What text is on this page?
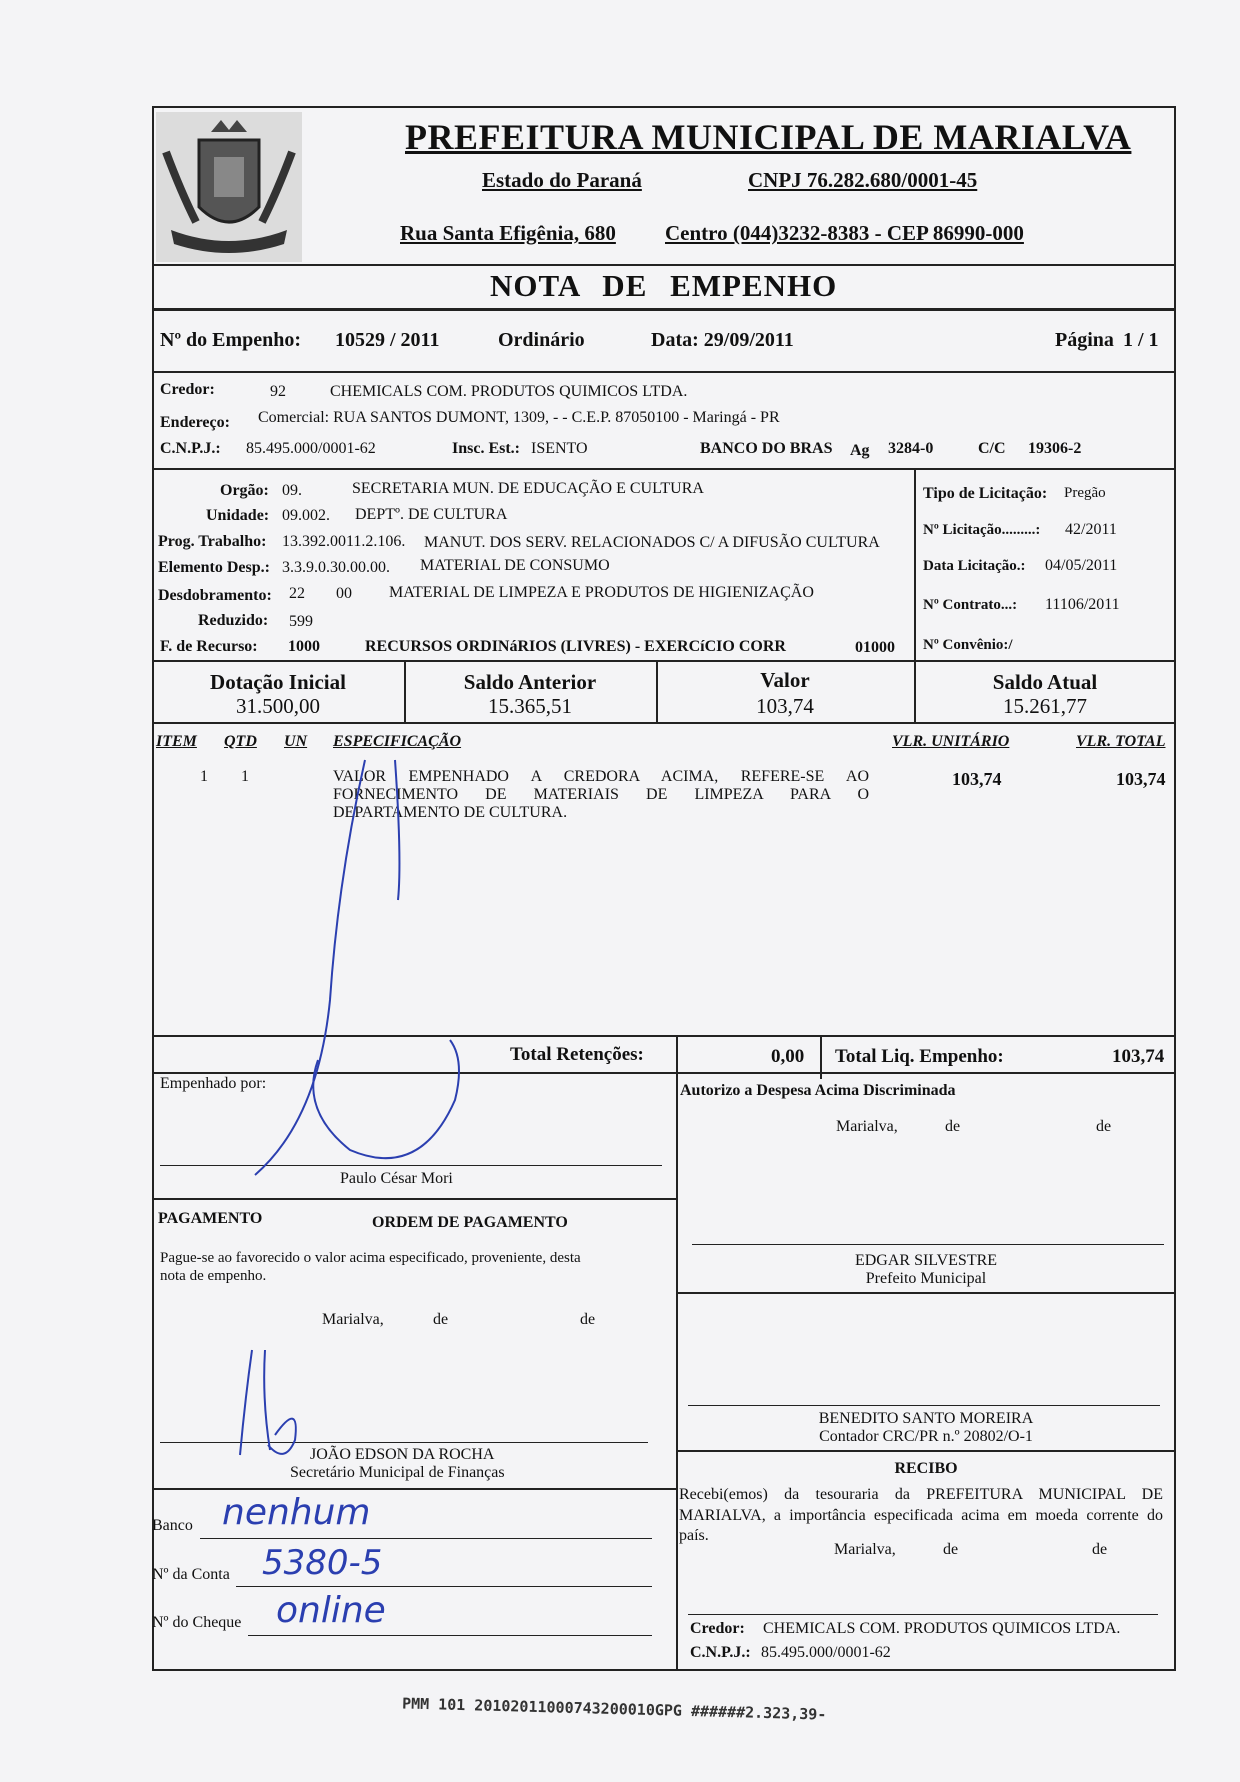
PREFEITURA MUNICIPAL DE MARIALVA
Estado do Paraná	CNPJ 76.282.680/0001-45
Rua Santa Efigênia, 680 Centro (044)3232-8383 - CEP 86990-000
NOTA DE EMPENHO
Nº do Empenho: 10529 / 2011	Ordinário	Data: 29/09/2011	Página 1 / 1
Credor:	92	CHEMICALS COM. PRODUTOS QUIMICOS LTDA.
Endereço: Comercial: RUA SANTOS DUMONT, 1309, - - C.E.P. 87050100 - Maringá - PR
C.N.P.J.: 85.495.000/0001-62	Insc. Est.: ISENTO	BANCO DO BRAS Ag 3284-0	C/C 19306-2
Orgão: 09.	SECRETARIA MUN. DE EDUCAÇÃO E CULTURA
Unidade: 09.002. DEPTº. DE CULTURA
Prog. Trabalho: 13.392.0011.2.106. MANUT. DOS SERV. RELACIONADOS C/ A DIFUSÃO CULTURA
Elemento Desp.: 3.3.9.0.30.00.00. MATERIAL DE CONSUMO
Desdobramento: 22 00 MATERIAL DE LIMPEZA E PRODUTOS DE HIGIENIZAÇÃO
Reduzido: 599
F. de Recurso: 1000	RECURSOS ORDINáRIOS (LIVRES) - EXERCíCIO CORR	01000
Tipo de Licitação: Pregão
Nº Licitação.........: 42/2011
Data Licitação.: 04/05/2011
Nº Contrato...: 11106/2011
Nº Convênio:/
Dotação Inicial
31.500,00
Saldo Anterior
15.365,51
Valor
103,74
Saldo Atual
15.261,77
ITEM QTD UN ESPECIFICAÇÃO	VLR. UNITÁRIO	VLR. TOTAL
1 1	VALOR EMPENHADO A CREDORA ACIMA, REFERE-SE AO
FORNECIMENTO DE MATERIAIS DE LIMPEZA PARA O
DEPARTAMENTO DE CULTURA.
103,74	103,74
Total Retenções:	0,00 Total Liq. Empenho:	103,74
Empenhado por:
Paulo César Mori
PAGAMENTO	ORDEM DE PAGAMENTO
Pague-se ao favorecido o valor acima especificado, proveniente, desta
nota de empenho.
Marialva,	de	de
JOÃO EDSON DA ROCHA
Secretário Municipal de Finanças
Banco nenhum
Nº da Conta 5380-5
Nº do Cheque online
Autorizo a Despesa Acima Discriminada
Marialva,	de	de
EDGAR SILVESTRE
Prefeito Municipal
BENEDITO SANTO MOREIRA
Contador CRC/PR n.º 20802/O-1
RECIBO
Recebi(emos) da tesouraria da PREFEITURA MUNICIPAL DE
MARIALVA, a importância especificada acima em moeda corrente do
país.
Marialva,	de	de
Credor: CHEMICALS COM. PRODUTOS QUIMICOS LTDA.
C.N.P.J.: 85.495.000/0001-62
PMM 101 20102011000743200010GPG ######2.323,39-
